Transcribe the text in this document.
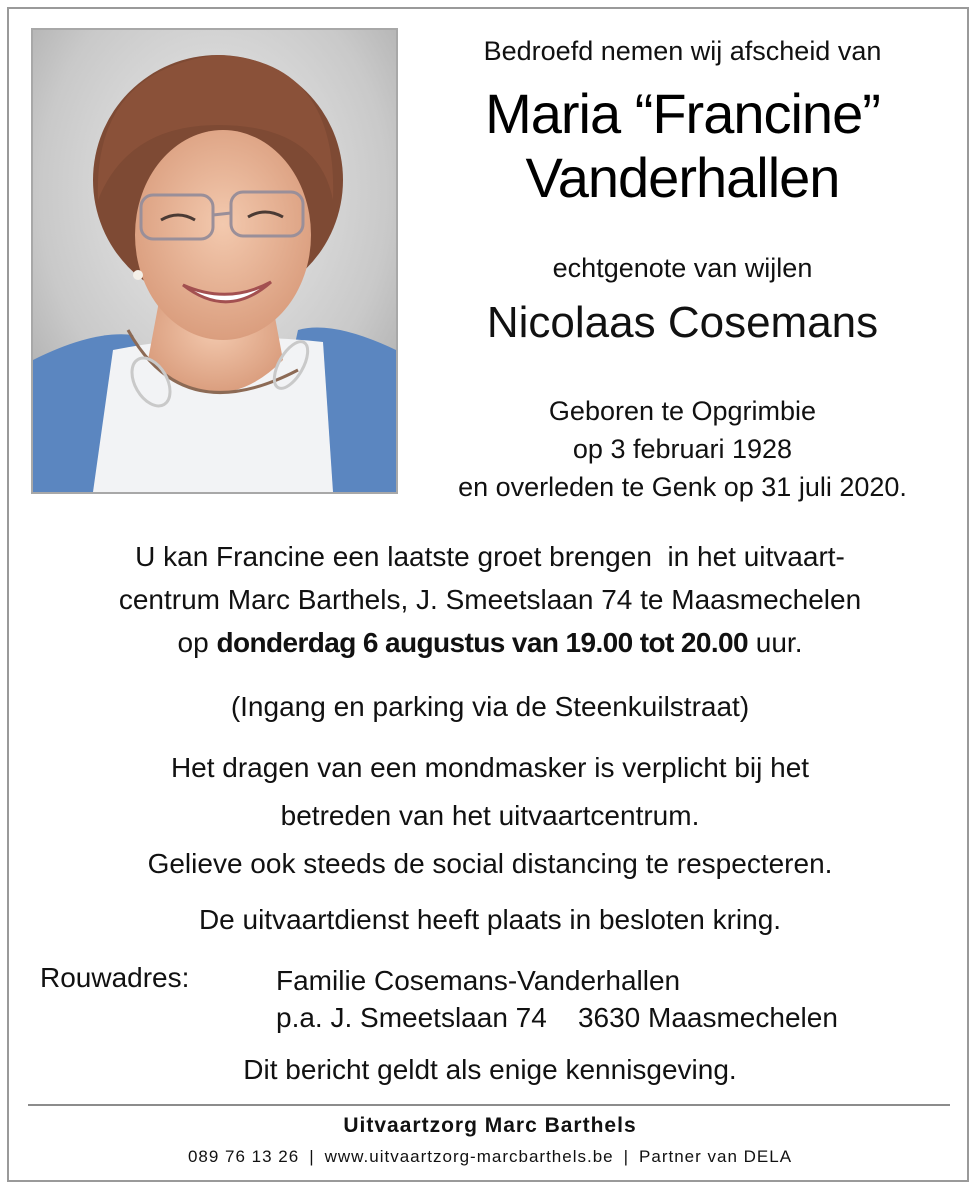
Bedroefd nemen wij afscheid van
Maria “Francine”
Vanderhallen
echtgenote van wijlen
Nicolaas Cosemans
Geboren te Opgrimbie
op 3 februari 1928
en overleden te Genk op 31 juli 2020.
U kan Francine een laatste groet brengen  in het uitvaart-
centrum Marc Barthels, J. Smeetslaan 74 te Maasmechelen
op donderdag 6 augustus van 19.00 tot 20.00 uur.
(Ingang en parking via de Steenkuilstraat)
Het dragen van een mondmasker is verplicht bij het
betreden van het uitvaartcentrum.
Gelieve ook steeds de social distancing te respecteren.
De uitvaartdienst heeft plaats in besloten kring.
Rouwadres:	Familie Cosemans-Vanderhallen
p.a. J. Smeetslaan 74    3630 Maasmechelen
Dit bericht geldt als enige kennisgeving.
Uitvaartzorg Marc Barthels
089 76 13 26 | www.uitvaartzorg-marcbarthels.be | Partner van DELA
